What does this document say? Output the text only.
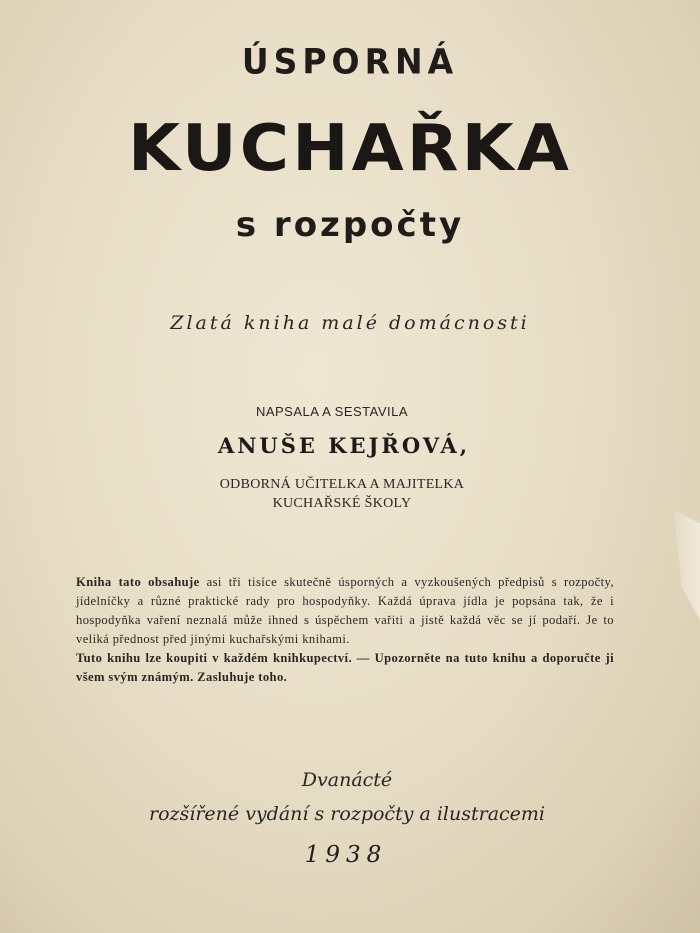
ÚSPORNÁ
KUCHAŘKA
s rozpočty
Zlatá kniha malé domácnosti
NAPSALA A SESTAVILA
ANUŠE KEJŘOVÁ,
ODBORNÁ UČITELKA A MAJITELKA
KUCHAŘSKÉ ŠKOLY
Kniha tato obsahuje asi tři tisíce skutečně úsporných a vyzkoušených předpisů s rozpočty, jídelníčky a různé praktické rady pro hospodyňky. Každá úprava jídla je popsána tak, že i hospodyňka vaření neznalá může ihned s úspěchem vařiti a jistě každá věc se jí podaří. Je to veliká přednost před jinými kuchařskými knihami.
Tuto knihu lze koupiti v každém knihkupectví. — Upozorněte na tuto knihu a doporučte ji všem svým známým. Zasluhuje toho.
Dvanácté
rozšířené vydání s rozpočty a ilustracemi
1938
